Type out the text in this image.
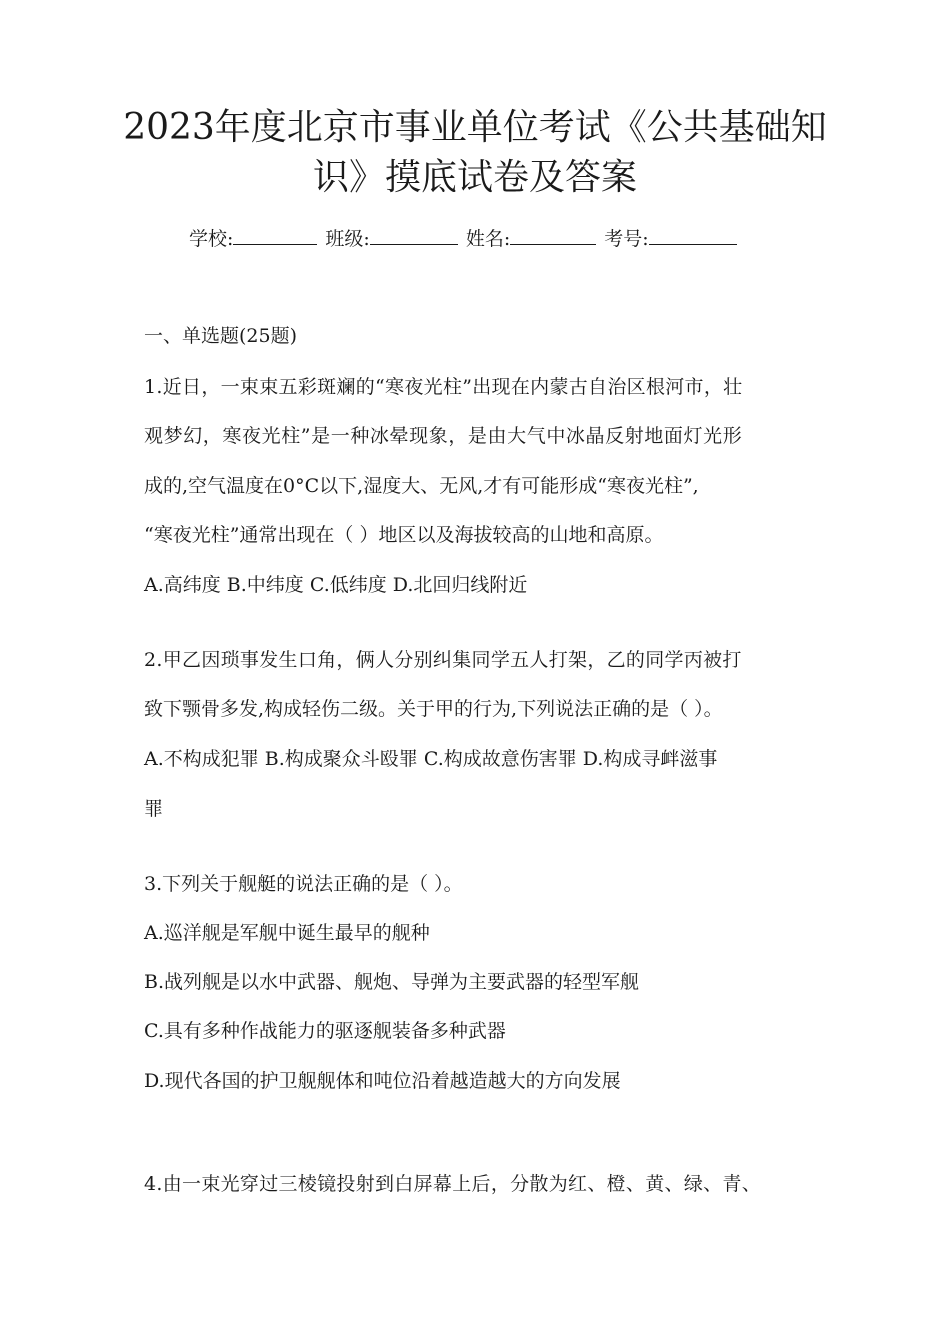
2023年度北京市事业单位考试《公共基础知
识》摸底试卷及答案
学校:	班级:	姓名:	考号:
一、单选题(25题)
1.近日，一束束五彩斑斓的“寒夜光柱”出现在内蒙古自治区根河市，壮
观梦幻，寒夜光柱”是一种冰晕现象，是由大气中冰晶反射地面灯光形
成的,空气温度在0°C以下,湿度大、无风,才有可能形成“寒夜光柱”,
“寒夜光柱”通常出现在（ ）地区以及海拔较高的山地和高原。
A.高纬度 B.中纬度 C.低纬度 D.北回归线附近
2.甲乙因琐事发生口角，俩人分别纠集同学五人打架，乙的同学丙被打
致下颚骨多发,构成轻伤二级。关于甲的行为,下列说法正确的是（ ）。
A.不构成犯罪 B.构成聚众斗殴罪 C.构成故意伤害罪 D.构成寻衅滋事
罪
3.下列关于舰艇的说法正确的是（ ）。
A.巡洋舰是军舰中诞生最早的舰种
B.战列舰是以水中武器、舰炮、导弹为主要武器的轻型军舰
C.具有多种作战能力的驱逐舰装备多种武器
D.现代各国的护卫舰舰体和吨位沿着越造越大的方向发展
4.由一束光穿过三棱镜投射到白屏幕上后，分散为红、橙、黄、绿、青、
